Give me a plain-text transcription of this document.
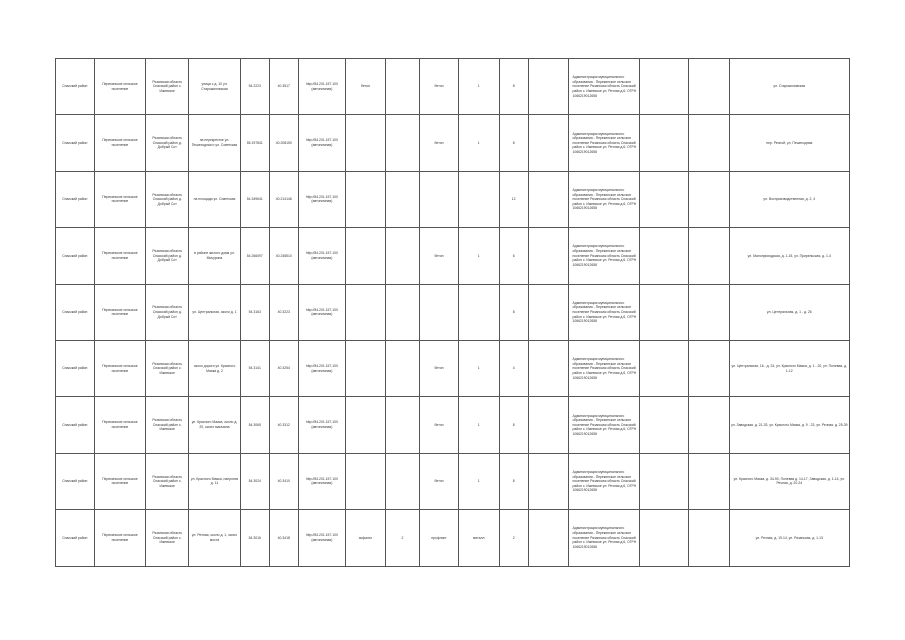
Спасский район	Перекинское сельское поселение	Рязанская область Спасский район с. Ижевское	улица с д. 10 ул. Старожиловская	54.2223	40.3517	http://84.201.157.100 (автономная)	бетон		бетон	1	8		Администрация муниципального образования - Перекинское сельское поселение Рязанская область Спасский район с. Ижевское ул. Речная д.6, ОГРН 1066219012658			ул. Старожиловская
Спасский район	Перекинское сельское поселение	Рязанская область Спасский район д. Добрый Сот	на перекрестке ул. Пешеходная и ул. Советская	55.197841	40.208150	http://84.201.157.100 (автономная)			бетон	1	8		Администрация муниципального образования - Перекинское сельское поселение Рязанская область Спасский район с. Ижевское ул. Речная д.6, ОГРН 1066219012658			пер. Речной, ул. Пешеходная
Спасский район	Перекинское сельское поселение	Рязанская область Спасский район д. Добрый Сот	на площади ул. Советская	54.349641	40.214146	http://84.201.157.100 (автономная)					12		Администрация муниципального образования - Перекинское сельское поселение Рязанская область Спасский район с. Ижевское ул. Речная д.6, ОГРН 1066219012658			ул. Воспроизводственная, д. 2, 4
Спасский район	Перекинское сельское поселение	Рязанская область Спасский район д. Добрый Сот	в районе жилого дома ул. Мичурина	54.266097	40.248510	http://84.201.157.100 (автономная)			бетон	1	6		Администрация муниципального образования - Перекинское сельское поселение Рязанская область Спасский район с. Ижевское ул. Речная д.6, ОГРН 1066219012658			ул. Малоприходская, д. 1-15, ул. Прирельская, д. 1-4
Спасский район	Перекинское сельское поселение	Рязанская область Спасский район д. Добрый Сот	ул. Центральная, около д. 1	54.3163	40.3223	http://84.201.157.100 (автономная)					8		Администрация муниципального образования - Перекинское сельское поселение Рязанская область Спасский район с. Ижевское ул. Речная д.6, ОГРН 1066219012658			ул. Центральная, д. 1 - д. 26
Спасский район	Перекинское сельское поселение	Рязанская область Спасский район с. Ижевское	около дороги ул. Красного Маяка д. 2	54.3141	40.3254	http://84.201.157.100 (автономная)			бетон	1	4		Администрация муниципального образования - Перекинское сельское поселение Рязанская область Спасский район с. Ижевское ул. Речная д.6, ОГРН 1066219012658			ул. Центральная, 16 - д. 24, ул. Красного Маяка, д. 1 - 20, ул. Полевая, д. 1-12
Спасский район	Перекинское сельское поселение	Рязанская область Спасский район с. Ижевское	ул. Красного Маяка, около д. 20, около магазина	54.3065	40.3312	http://84.201.157.100 (автономная)			бетон	1	8		Администрация муниципального образования - Перекинское сельское поселение Рязанская область Спасский район с. Ижевское ул. Речная д.6, ОГРН 1066219012658			ул. Заводская, д. 21-33, ул. Красного Маяка, д. 9 - 23, ул. Речная, д. 25-39
Спасский район	Перекинское сельское поселение	Рязанская область Спасский район с. Ижевское	ул. Красного Маяка, напротив д. 11	54.3024	40.3410	http://84.201.157.100 (автономная)			бетон	1	8		Администрация муниципального образования - Перекинское сельское поселение Рязанская область Спасский район с. Ижевское ул. Речная д.6, ОГРН 1066219012658			ул. Красного Маяка, д. 34-90, Полевая д. 14-17, Заводская, д. 1-14, ул. Речная, д. 20-24
Спасский район	Перекинское сельское поселение	Рязанская область Спасский район с. Ижевское	ул. Речная, около д. 1, около моста	54.3016	40.3418	http://84.201.157.100 (автономная)	асфальт	2	профлист	металл	2		Администрация муниципального образования - Перекинское сельское поселение Рязанская область Спасский район с. Ижевское ул. Речная д.6, ОГРН 1066219012658			ул. Речная, д. 19-14, ул. Рязанская, д. 1-13
